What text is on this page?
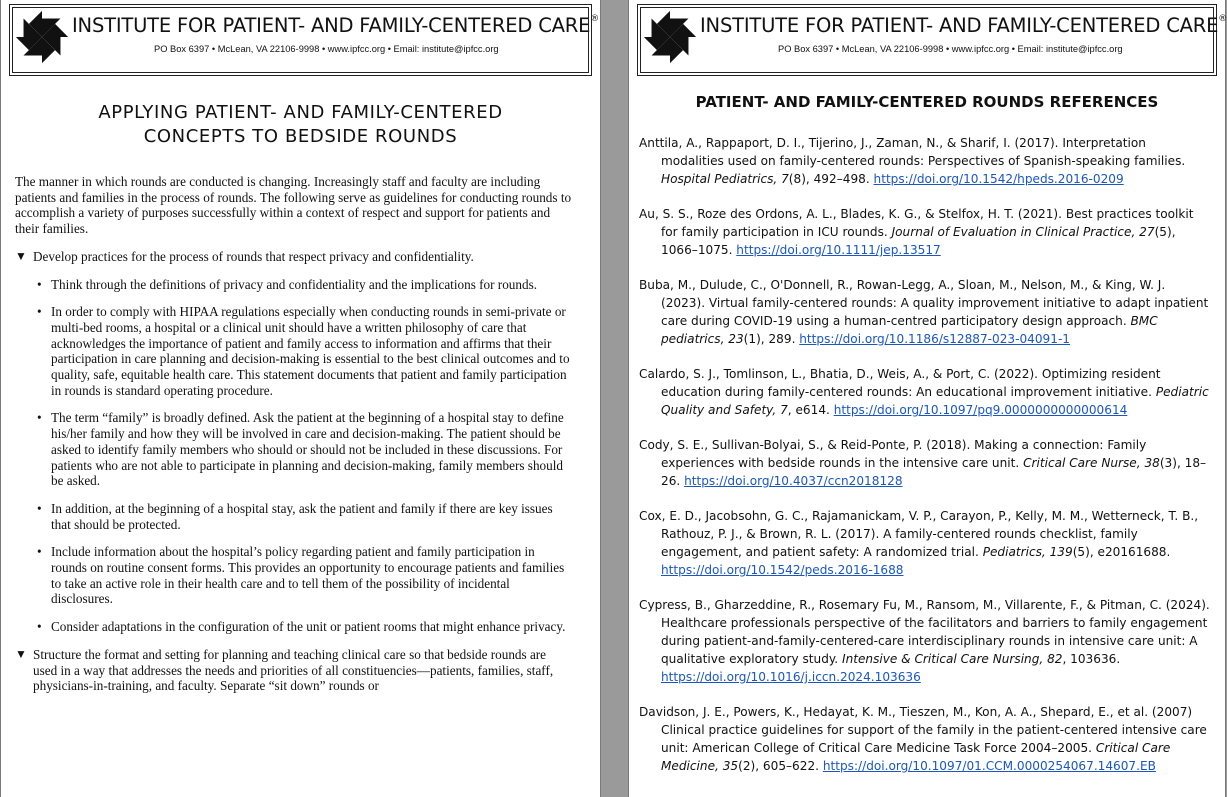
INSTITUTE FOR PATIENT- AND FAMILY-CENTERED CARE®
PO Box 6397 • McLean, VA 22106-9998 • www.ipfcc.org • Email: institute@ipfcc.org
APPLYING PATIENT- AND FAMILY-CENTERED
CONCEPTS TO BEDSIDE ROUNDS

The manner in which rounds are conducted is changing. Increasingly staff and faculty are including patients and families in the process of rounds. The following serve as guidelines for conducting rounds to accomplish a variety of purposes successfully within a context of respect and support for patients and their families.

▼ Develop practices for the process of rounds that respect privacy and confidentiality.
• Think through the definitions of privacy and confidentiality and the implications for rounds.
• In order to comply with HIPAA regulations especially when conducting rounds in semi-private or multi-bed rooms, a hospital or a clinical unit should have a written philosophy of care that acknowledges the importance of patient and family access to information and affirms that their participation in care planning and decision-making is essential to the best clinical outcomes and to quality, safe, equitable health care. This statement documents that patient and family participation in rounds is standard operating procedure.
• The term “family” is broadly defined. Ask the patient at the beginning of a hospital stay to define his/her family and how they will be involved in care and decision-making. The patient should be asked to identify family members who should or should not be included in these discussions. For patients who are not able to participate in planning and decision-making, family members should be asked.
• In addition, at the beginning of a hospital stay, ask the patient and family if there are key issues that should be protected.
• Include information about the hospital’s policy regarding patient and family participation in rounds on routine consent forms. This provides an opportunity to encourage patients and families to take an active role in their health care and to tell them of the possibility of incidental disclosures.
• Consider adaptations in the configuration of the unit or patient rooms that might enhance privacy.
▼ Structure the format and setting for planning and teaching clinical care so that bedside rounds are used in a way that addresses the needs and priorities of all constituencies—patients, families, staff, physicians-in-training, and faculty. Separate “sit down” rounds or
INSTITUTE FOR PATIENT- AND FAMILY-CENTERED CARE®
PO Box 6397 • McLean, VA 22106-9998 • www.ipfcc.org • Email: institute@ipfcc.org
PATIENT- AND FAMILY-CENTERED ROUNDS REFERENCES

Anttila, A., Rappaport, D. I., Tijerino, J., Zaman, N., & Sharif, I. (2017). Interpretation modalities used on family-centered rounds: Perspectives of Spanish-speaking families. Hospital Pediatrics, 7(8), 492–498. https://doi.org/10.1542/hpeds.2016-0209

Au, S. S., Roze des Ordons, A. L., Blades, K. G., & Stelfox, H. T. (2021). Best practices toolkit for family participation in ICU rounds. Journal of Evaluation in Clinical Practice, 27(5), 1066–1075. https://doi.org/10.1111/jep.13517

Buba, M., Dulude, C., O'Donnell, R., Rowan-Legg, A., Sloan, M., Nelson, M., & King, W. J. (2023). Virtual family-centered rounds: A quality improvement initiative to adapt inpatient care during COVID-19 using a human-centred participatory design approach. BMC pediatrics, 23(1), 289. https://doi.org/10.1186/s12887-023-04091-1

Calardo, S. J., Tomlinson, L., Bhatia, D., Weis, A., & Port, C. (2022). Optimizing resident education during family-centered rounds: An educational improvement initiative. Pediatric Quality and Safety, 7, e614. https://doi.org/10.1097/pq9.0000000000000614

Cody, S. E., Sullivan-Bolyai, S., & Reid-Ponte, P. (2018). Making a connection: Family experiences with bedside rounds in the intensive care unit. Critical Care Nurse, 38(3), 18–26. https://doi.org/10.4037/ccn2018128

Cox, E. D., Jacobsohn, G. C., Rajamanickam, V. P., Carayon, P., Kelly, M. M., Wetterneck, T. B., Rathouz, P. J., & Brown, R. L. (2017). A family-centered rounds checklist, family engagement, and patient safety: A randomized trial. Pediatrics, 139(5), e20161688. https://doi.org/10.1542/peds.2016-1688

Cypress, B., Gharzeddine, R., Rosemary Fu, M., Ransom, M., Villarente, F., & Pitman, C. (2024). Healthcare professionals perspective of the facilitators and barriers to family engagement during patient-and-family-centered-care interdisciplinary rounds in intensive care unit: A qualitative exploratory study. Intensive & Critical Care Nursing, 82, 103636. https://doi.org/10.1016/j.iccn.2024.103636

Davidson, J. E., Powers, K., Hedayat, K. M., Tieszen, M., Kon, A. A., Shepard, E., et al. (2007) Clinical practice guidelines for support of the family in the patient-centered intensive care unit: American College of Critical Care Medicine Task Force 2004–2005. Critical Care Medicine, 35(2), 605–622. https://doi.org/10.1097/01.CCM.0000254067.14607.EB
